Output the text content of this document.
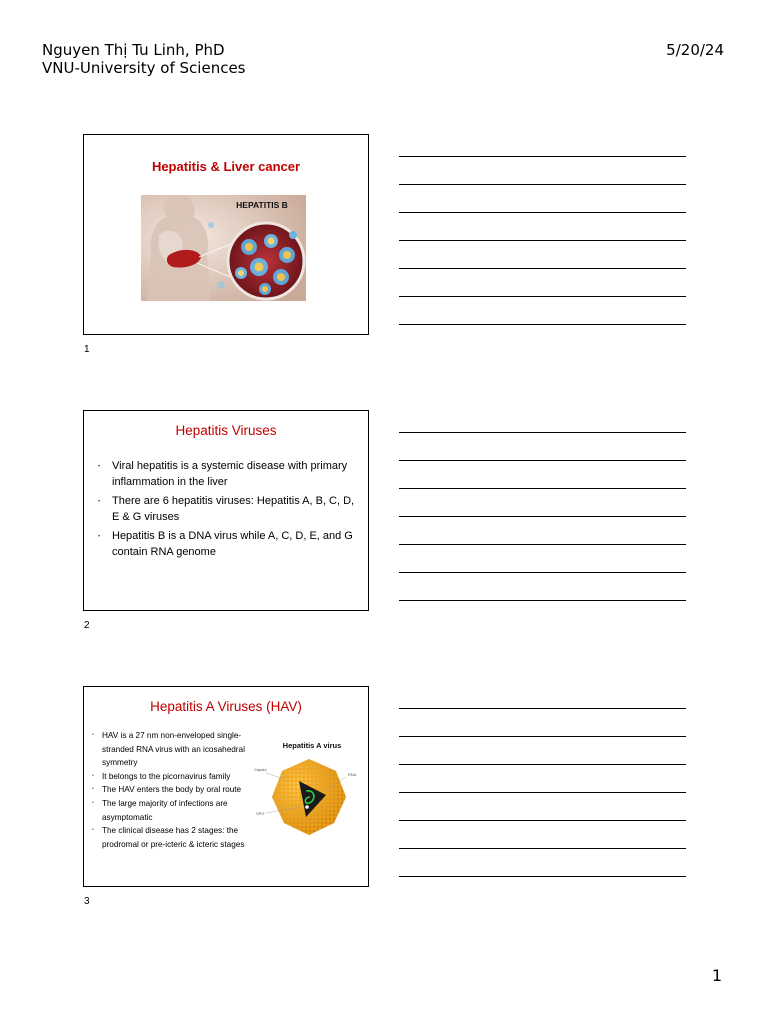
Nguyen Thị Tu Linh, PhD
VNU-University of Sciences
5/20/24
Hepatitis & Liver cancer
HEPATITIS B
1
Hepatitis Viruses
• Viral hepatitis is a systemic disease with primary inflammation in the liver
• There are 6 hepatitis viruses: Hepatitis A, B, C, D, E & G viruses
• Hepatitis B is a DNA virus while A, C, D, E, and G contain RNA genome
2
Hepatitis A Viruses (HAV)
• HAV is a 27 nm non-enveloped single-stranded RNA virus with an icosahedral symmetry
• It belongs to the picornavirus family
• The HAV enters the body by oral route
• The large majority of infections are asymptomatic
• The clinical disease has 2 stages: the prodromal or pre-icteric & icteric stages
Hepatitis A virus
Capsid
RNA
VPG
3
1
